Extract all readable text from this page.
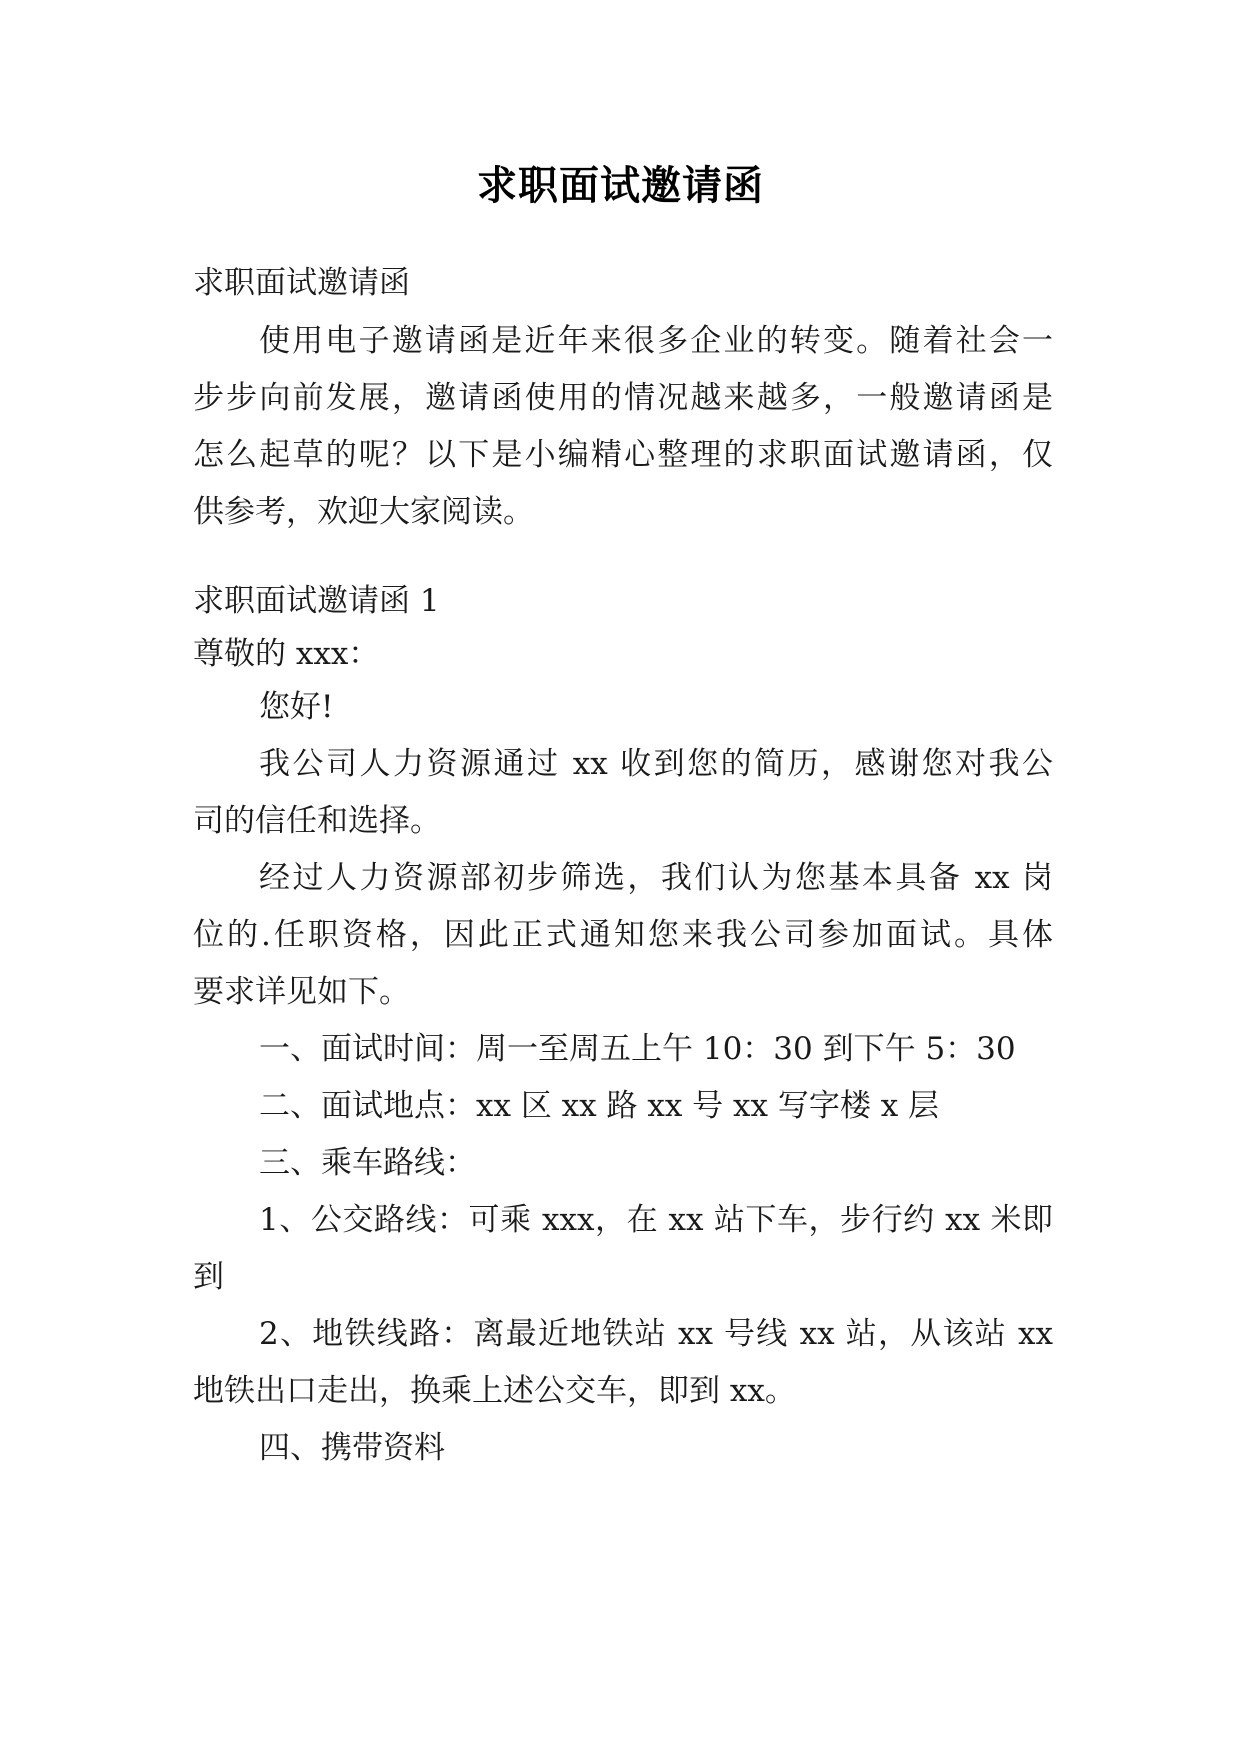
求职面试邀请函
求职面试邀请函
使用电子邀请函是近年来很多企业的转变。随着社会一
步步向前发展，邀请函使用的情况越来越多，一般邀请函是
怎么起草的呢？以下是小编精心整理的求职面试邀请函，仅
供参考，欢迎大家阅读。
求职面试邀请函 1
尊敬的 xxx：
您好!
我公司人力资源通过 xx 收到您的简历，感谢您对我公
司的信任和选择。
经过人力资源部初步筛选，我们认为您基本具备 xx 岗
位的.任职资格，因此正式通知您来我公司参加面试。具体
要求详见如下。
一、面试时间：周一至周五上午 10：30 到下午 5：30
二、面试地点：xx 区 xx 路 xx 号 xx 写字楼 x 层
三、乘车路线：
1、公交路线：可乘 xxx，在 xx 站下车，步行约 xx 米即
到
2、地铁线路：离最近地铁站 xx 号线 xx 站，从该站 xx
地铁出口走出，换乘上述公交车，即到 xx。
四、携带资料
